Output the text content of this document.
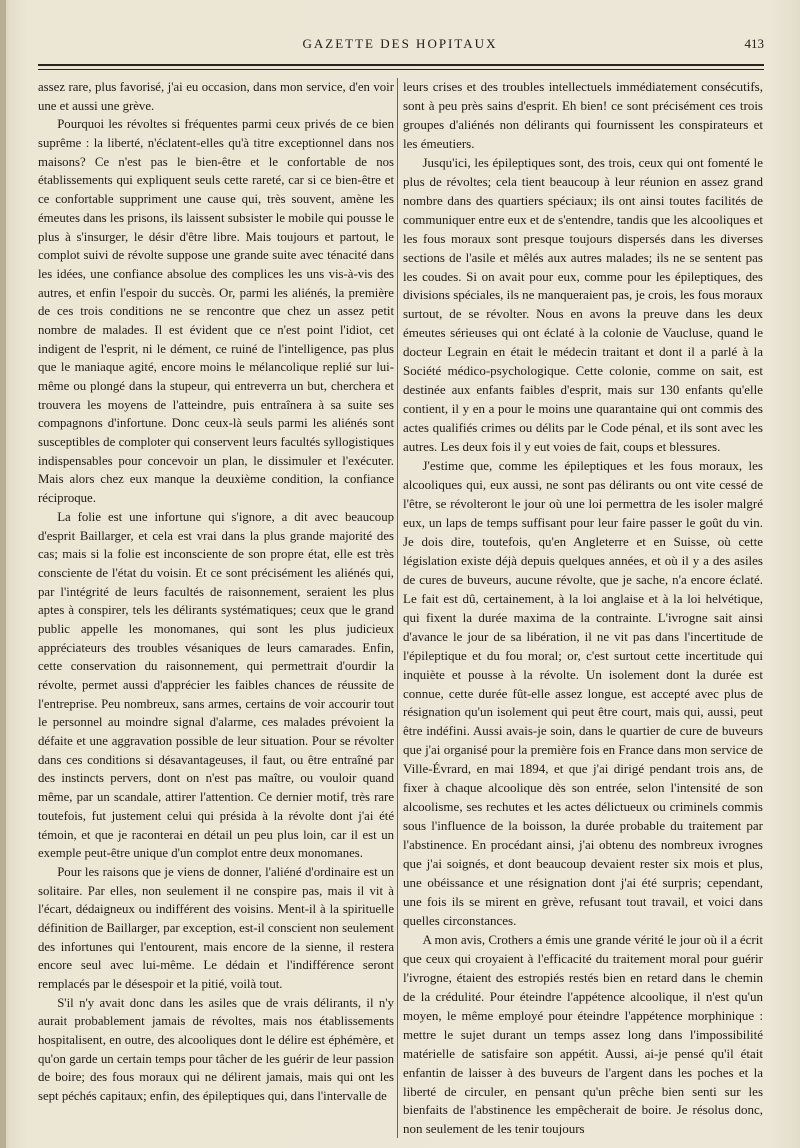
GAZETTE DES HOPITAUX	413

assez rare, plus favorisé, j'ai eu occasion, dans mon service, d'en voir une et aussi une grève.

Pourquoi les révoltes si fréquentes parmi ceux privés de ce bien suprême : la liberté, n'éclatent-elles qu'à titre exceptionnel dans nos maisons? Ce n'est pas le bien-être et le confortable de nos établissements qui expliquent seuls cette rareté, car si ce bien-être et ce confortable suppriment une cause qui, très souvent, amène les émeutes dans les prisons, ils laissent subsister le mobile qui pousse le plus à s'insurger, le désir d'être libre. Mais toujours et partout, le complot suivi de révolte suppose une grande suite avec ténacité dans les idées, une confiance absolue des complices les uns vis-à-vis des autres, et enfin l'espoir du succès. Or, parmi les aliénés, la première de ces trois conditions ne se rencontre que chez un assez petit nombre de malades. Il est évident que ce n'est point l'idiot, cet indigent de l'esprit, ni le dément, ce ruiné de l'intelligence, pas plus que le maniaque agité, encore moins le mélancolique replié sur lui-même ou plongé dans la stupeur, qui entreverra un but, cherchera et trouvera les moyens de l'atteindre, puis entraînera à sa suite ses compagnons d'infortune. Donc ceux-là seuls parmi les aliénés sont susceptibles de comploter qui conservent leurs facultés syllogistiques indispensables pour concevoir un plan, le dissimuler et l'exécuter. Mais alors chez eux manque la deuxième condition, la confiance réciproque.

La folie est une infortune qui s'ignore, a dit avec beaucoup d'esprit Baillarger, et cela est vrai dans la plus grande majorité des cas; mais si la folie est inconsciente de son propre état, elle est très consciente de l'état du voisin. Et ce sont précisément les aliénés qui, par l'intégrité de leurs facultés de raisonnement, seraient les plus aptes à conspirer, tels les délirants systématiques; ceux que le grand public appelle les monomanes, qui sont les plus judicieux appréciateurs des troubles vésaniques de leurs camarades. Enfin, cette conservation du raisonnement, qui permettrait d'ourdir la révolte, permet aussi d'apprécier les faibles chances de réussite de l'entreprise. Peu nombreux, sans armes, certains de voir accourir tout le personnel au moindre signal d'alarme, ces malades prévoient la défaite et une aggravation possible de leur situation. Pour se révolter dans ces conditions si désavantageuses, il faut, ou être entraîné par des instincts pervers, dont on n'est pas maître, ou vouloir quand même, par un scandale, attirer l'attention. Ce dernier motif, très rare toutefois, fut justement celui qui présida à la révolte dont j'ai été témoin, et que je raconterai en détail un peu plus loin, car il est un exemple peut-être unique d'un complot entre deux monomanes.

Pour les raisons que je viens de donner, l'aliéné d'ordinaire est un solitaire. Par elles, non seulement il ne conspire pas, mais il vit à l'écart, dédaigneux ou indifférent des voisins. Ment-il à la spirituelle définition de Baillarger, par exception, est-il conscient non seulement des infortunes qui l'entourent, mais encore de la sienne, il restera encore seul avec lui-même. Le dédain et l'indifférence seront remplacés par le désespoir et la pitié, voilà tout.

S'il n'y avait donc dans les asiles que de vrais délirants, il n'y aurait probablement jamais de révoltes, mais nos établissements hospitalisent, en outre, des alcooliques dont le délire est éphémère, et qu'on garde un certain temps pour tâcher de les guérir de leur passion de boire; des fous moraux qui ne délirent jamais, mais qui ont les sept péchés capitaux; enfin, des épileptiques qui, dans l'intervalle de

leurs crises et des troubles intellectuels immédiatement consécutifs, sont à peu près sains d'esprit. Eh bien! ce sont précisément ces trois groupes d'aliénés non délirants qui fournissent les conspirateurs et les émeutiers.

Jusqu'ici, les épileptiques sont, des trois, ceux qui ont fomenté le plus de révoltes; cela tient beaucoup à leur réunion en assez grand nombre dans des quartiers spéciaux; ils ont ainsi toutes facilités de communiquer entre eux et de s'entendre, tandis que les alcooliques et les fous moraux sont presque toujours dispersés dans les diverses sections de l'asile et mêlés aux autres malades; ils ne se sentent pas les coudes. Si on avait pour eux, comme pour les épileptiques, des divisions spéciales, ils ne manqueraient pas, je crois, les fous moraux surtout, de se révolter. Nous en avons la preuve dans les deux émeutes sérieuses qui ont éclaté à la colonie de Vaucluse, quand le docteur Legrain en était le médecin traitant et dont il a parlé à la Société médico-psychologique. Cette colonie, comme on sait, est destinée aux enfants faibles d'esprit, mais sur 130 enfants qu'elle contient, il y en a pour le moins une quarantaine qui ont commis des actes qualifiés crimes ou délits par le Code pénal, et ils sont avec les autres. Les deux fois il y eut voies de fait, coups et blessures.

J'estime que, comme les épileptiques et les fous moraux, les alcooliques qui, eux aussi, ne sont pas délirants ou ont vite cessé de l'être, se révolteront le jour où une loi permettra de les isoler malgré eux, un laps de temps suffisant pour leur faire passer le goût du vin. Je dois dire, toutefois, qu'en Angleterre et en Suisse, où cette législation existe déjà depuis quelques années, et où il y a des asiles de cures de buveurs, aucune révolte, que je sache, n'a encore éclaté. Le fait est dû, certainement, à la loi anglaise et à la loi helvétique, qui fixent la durée maxima de la contrainte. L'ivrogne sait ainsi d'avance le jour de sa libération, il ne vit pas dans l'incertitude de l'épileptique et du fou moral; or, c'est surtout cette incertitude qui inquiète et pousse à la révolte. Un isolement dont la durée est connue, cette durée fût-elle assez longue, est accepté avec plus de résignation qu'un isolement qui peut être court, mais qui, aussi, peut être indéfini. Aussi avais-je soin, dans le quartier de cure de buveurs que j'ai organisé pour la première fois en France dans mon service de Ville-Évrard, en mai 1894, et que j'ai dirigé pendant trois ans, de fixer à chaque alcoolique dès son entrée, selon l'intensité de son alcoolisme, ses rechutes et les actes délictueux ou criminels commis sous l'influence de la boisson, la durée probable du traitement par l'abstinence. En procédant ainsi, j'ai obtenu des nombreux ivrognes que j'ai soignés, et dont beaucoup devaient rester six mois et plus, une obéissance et une résignation dont j'ai été surpris; cependant, une fois ils se mirent en grève, refusant tout travail, et voici dans quelles circonstances.

A mon avis, Crothers a émis une grande vérité le jour où il a écrit que ceux qui croyaient à l'efficacité du traitement moral pour guérir l'ivrogne, étaient des estropiés restés bien en retard dans le chemin de la crédulité. Pour éteindre l'appétence alcoolique, il n'est qu'un moyen, le même employé pour éteindre l'appétence morphinique : mettre le sujet durant un temps assez long dans l'impossibilité matérielle de satisfaire son appétit. Aussi, ai-je pensé qu'il était enfantin de laisser à des buveurs de l'argent dans les poches et la liberté de circuler, en pensant qu'un prêche bien senti sur les bienfaits de l'abstinence les empêcherait de boire. Je résolus donc, non seulement de les tenir toujours
